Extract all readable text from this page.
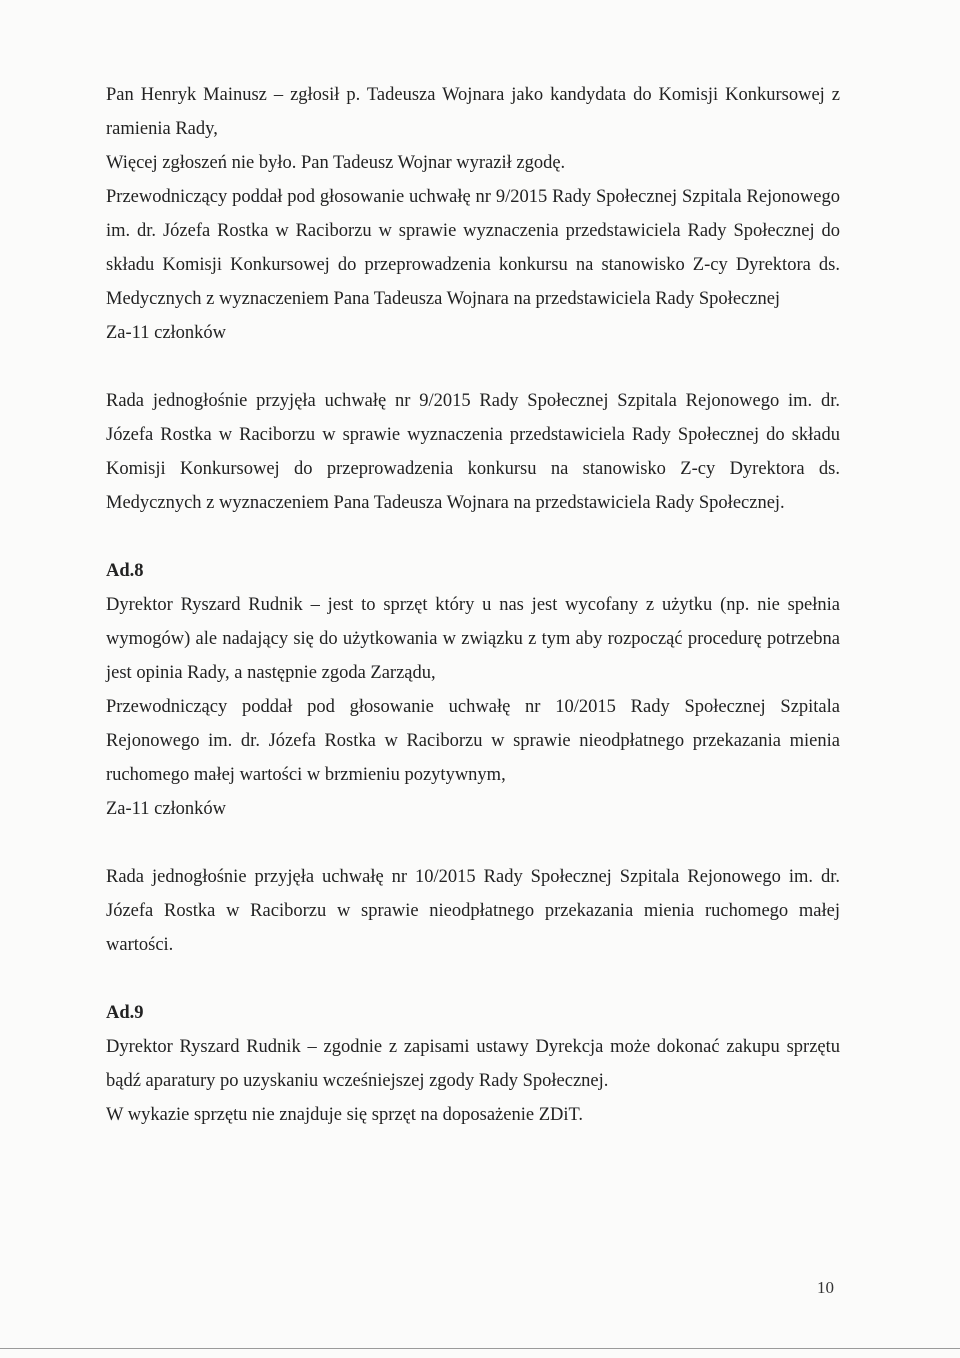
Pan Henryk Mainusz – zgłosił p. Tadeusza Wojnara jako kandydata do Komisji Konkursowej z ramienia Rady,

Więcej zgłoszeń nie było. Pan Tadeusz Wojnar wyraził zgodę.

Przewodniczący poddał pod głosowanie uchwałę nr 9/2015 Rady Społecznej Szpitala Rejonowego im. dr. Józefa Rostka w Raciborzu w sprawie wyznaczenia przedstawiciela Rady Społecznej do składu Komisji Konkursowej do przeprowadzenia konkursu na stanowisko Z-cy Dyrektora ds. Medycznych z wyznaczeniem Pana Tadeusza Wojnara na przedstawiciela Rady Społecznej

Za-11 członków

Rada jednogłośnie przyjęła uchwałę nr 9/2015 Rady Społecznej Szpitala Rejonowego im. dr. Józefa Rostka w Raciborzu w sprawie wyznaczenia przedstawiciela Rady Społecznej do składu Komisji Konkursowej do przeprowadzenia konkursu na stanowisko Z-cy Dyrektora ds. Medycznych z wyznaczeniem Pana Tadeusza Wojnara na przedstawiciela Rady Społecznej.

Ad.8

Dyrektor Ryszard Rudnik – jest to sprzęt który u nas jest wycofany z użytku (np. nie spełnia wymogów) ale nadający się do użytkowania w związku z tym aby rozpocząć procedurę potrzebna jest opinia Rady, a następnie zgoda Zarządu,

Przewodniczący poddał pod głosowanie uchwałę nr 10/2015 Rady Społecznej Szpitala Rejonowego im. dr. Józefa Rostka w Raciborzu w sprawie nieodpłatnego przekazania mienia ruchomego małej wartości w brzmieniu pozytywnym,

Za-11 członków

Rada jednogłośnie przyjęła uchwałę nr 10/2015 Rady Społecznej Szpitala Rejonowego im. dr. Józefa Rostka w Raciborzu w sprawie nieodpłatnego przekazania mienia ruchomego małej wartości.

Ad.9

Dyrektor Ryszard Rudnik – zgodnie z zapisami ustawy Dyrekcja może dokonać zakupu sprzętu bądź aparatury po uzyskaniu wcześniejszej zgody Rady Społecznej.

W wykazie sprzętu nie znajduje się sprzęt na doposażenie ZDiT.

10
